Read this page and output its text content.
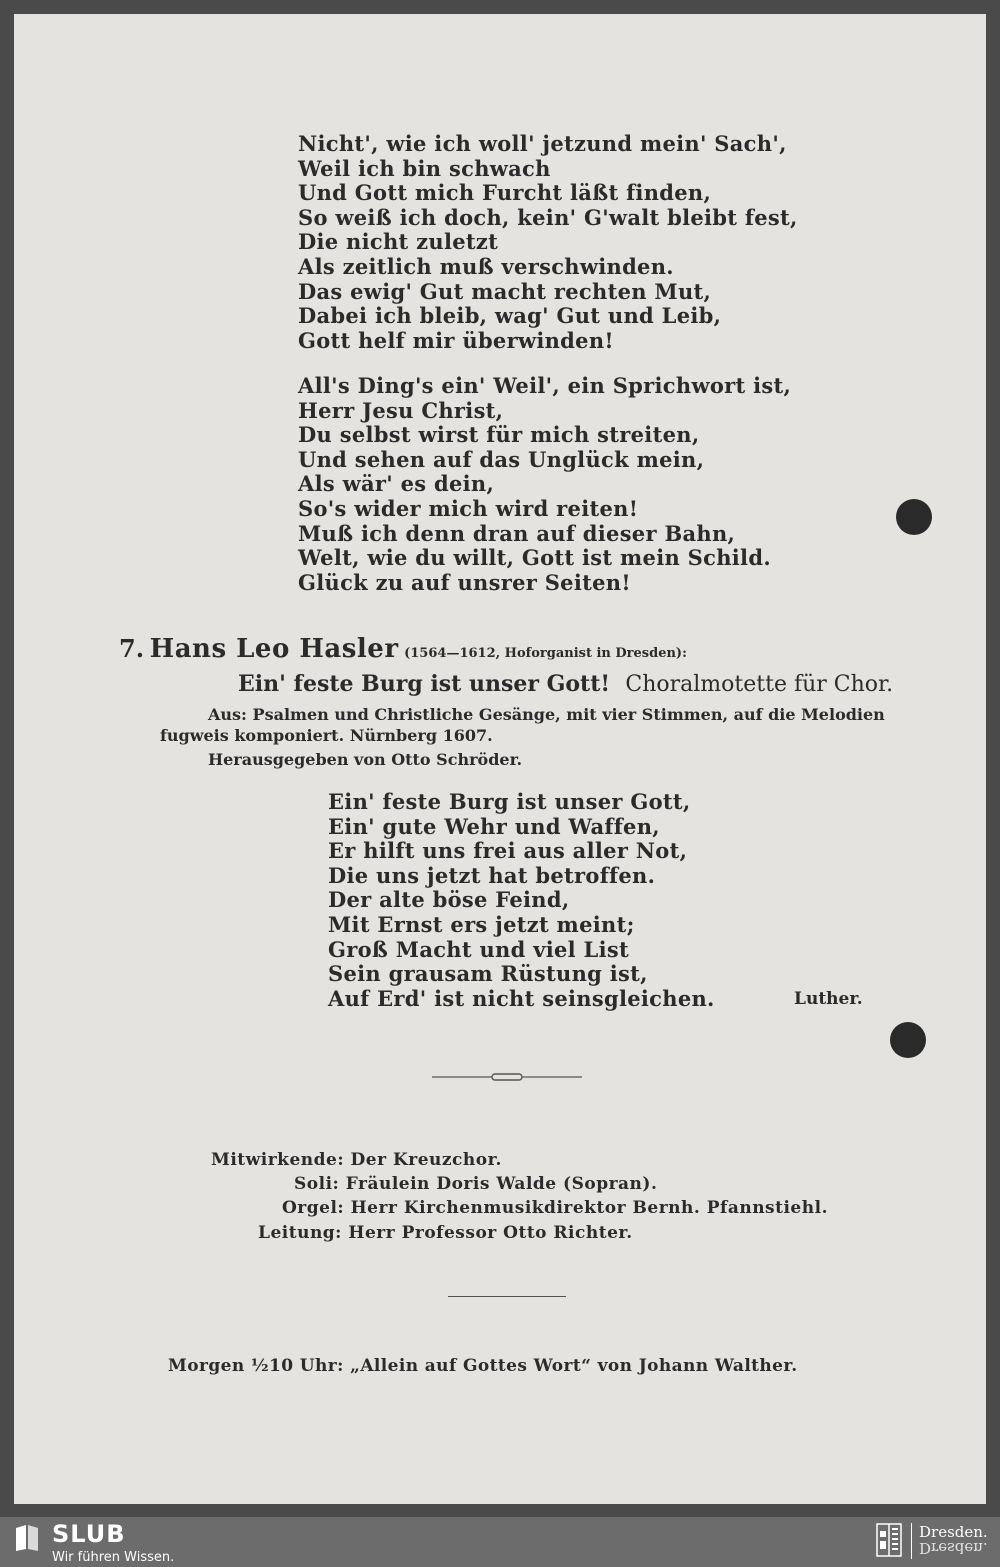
Nicht', wie ich woll' jetzund mein' Sach',
Weil ich bin schwach
Und Gott mich Furcht läßt finden,
So weiß ich doch, kein' G'walt bleibt fest,
Die nicht zuletzt
Als zeitlich muß verschwinden.
Das ewig' Gut macht rechten Mut,
Dabei ich bleib, wag' Gut und Leib,
Gott helf mir überwinden!
All's Ding's ein' Weil', ein Sprichwort ist,
Herr Jesu Christ,
Du selbst wirst für mich streiten,
Und sehen auf das Unglück mein,
Als wär' es dein,
So's wider mich wird reiten!
Muß ich denn dran auf dieser Bahn,
Welt, wie du willt, Gott ist mein Schild.
Glück zu auf unsrer Seiten!
7. Hans Leo Hasler (1564—1612, Hoforganist in Dresden):
Ein' feste Burg ist unser Gott! Choralmotette für Chor.
Aus: Psalmen und Christliche Gesänge, mit vier Stimmen, auf die Melodien
fugweis komponiert. Nürnberg 1607.
Herausgegeben von Otto Schröder.
Ein' feste Burg ist unser Gott,
Ein' gute Wehr und Waffen,
Er hilft uns frei aus aller Not,
Die uns jetzt hat betroffen.
Der alte böse Feind,
Mit Ernst ers jetzt meint;
Groß Macht und viel List
Sein grausam Rüstung ist,
Auf Erd' ist nicht seinsgleichen.	Luther.
Mitwirkende: Der Kreuzchor.
Soli: Fräulein Doris Walde (Sopran).
Orgel: Herr Kirchenmusikdirektor Bernh. Pfannstiehl.
Leitung: Herr Professor Otto Richter.
Morgen ½10 Uhr: „Allein auf Gottes Wort“ von Johann Walther.
SLUB
Wir führen Wissen.
Dresden.
Dresden.
